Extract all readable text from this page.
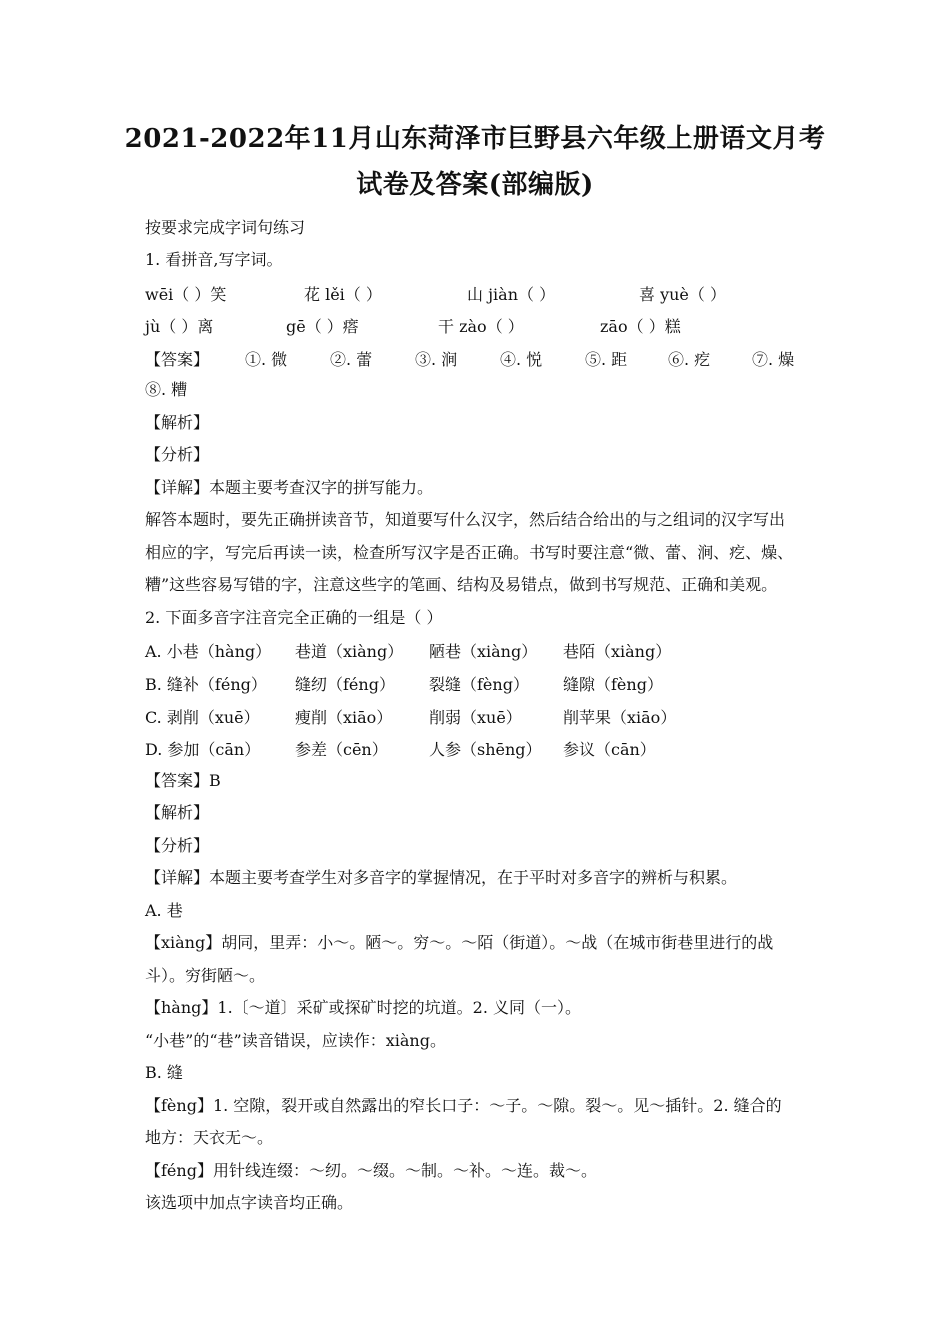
2021-2022年11月山东菏泽市巨野县六年级上册语文月考
试卷及答案(部编版)
按要求完成字词句练习
1. 看拼音,写字词。
wēi（ ）笑	花 lěi（ ）	山 jiàn（ ）	喜 yuè（ ）
jù（ ）离	gē（ ）瘩	干 zào（ ）	zāo（ ）糕
【答案】 ①. 微	②. 蕾	③. 涧	④. 悦	⑤. 距	⑥. 疙	⑦. 燥
⑧. 糟
【解析】
【分析】
【详解】本题主要考查汉字的拼写能力。
解答本题时，要先正确拼读音节，知道要写什么汉字，然后结合给出的与之组词的汉字写出
相应的字，写完后再读一读，检查所写汉字是否正确。书写时要注意“微、蕾、涧、疙、燥、
糟”这些容易写错的字，注意这些字的笔画、结构及易错点，做到书写规范、正确和美观。
2. 下面多音字注音完全正确的一组是（ ）
A. 小巷（hàng） 巷道（xiàng） 陋巷（xiàng） 巷陌（xiàng）
B. 缝补（féng） 缝纫（féng） 裂缝（fèng） 缝隙（fèng）
C. 剥削（xuē） 瘦削（xiāo） 削弱（xuē）	削苹果（xiāo）
D. 参加（cān） 参差（cēn）	人参（shēng） 参议（cān）
【答案】B
【解析】
【分析】
【详解】本题主要考查学生对多音字的掌握情况，在于平时对多音字的辨析与积累。
A. 巷
【xiàng】胡同，里弄：小～。陋～。穷～。～陌（街道）。～战（在城市街巷里进行的战
斗）。穷街陋～。
【hàng】1.〔～道〕采矿或探矿时挖的坑道。2. 义同（一）。
“小巷”的“巷”读音错误，应读作：xiàng。
B. 缝
【fèng】1. 空隙，裂开或自然露出的窄长口子：～子。～隙。裂～。见～插针。2. 缝合的
地方：天衣无～。
【féng】用针线连缀：～纫。～缀。～制。～补。～连。裁～。
该选项中加点字读音均正确。
